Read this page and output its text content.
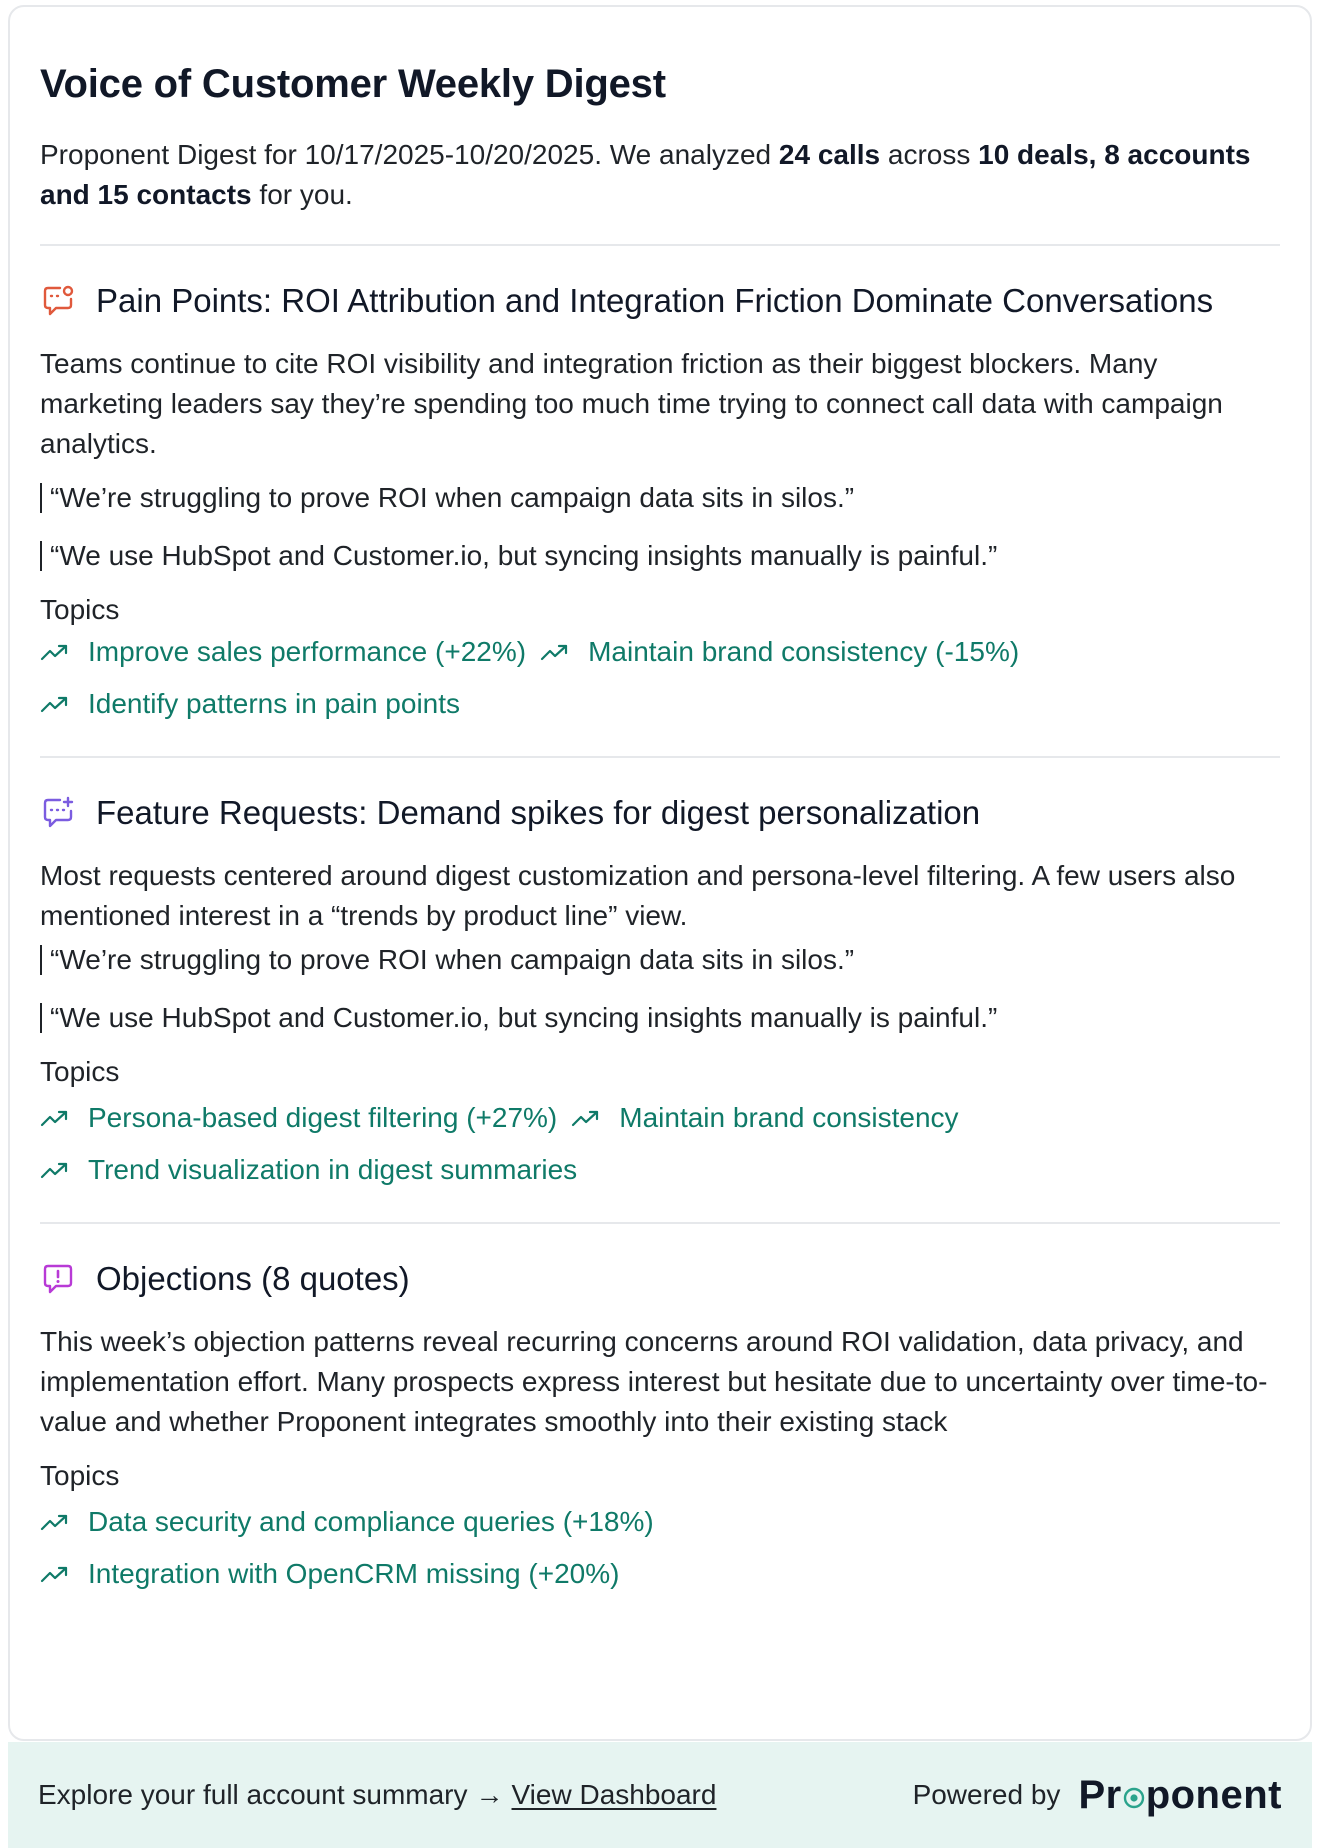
Voice of Customer Weekly Digest

Proponent Digest for 10/17/2025-10/20/2025. We analyzed 24 calls across 10 deals, 8 accounts and 15 contacts for you.

Pain Points: ROI Attribution and Integration Friction Dominate Conversations

Teams continue to cite ROI visibility and integration friction as their biggest blockers. Many marketing leaders say they’re spending too much time trying to connect call data with campaign analytics.

“We’re struggling to prove ROI when campaign data sits in silos.”

“We use HubSpot and Customer.io, but syncing insights manually is painful.”

Topics

Improve sales performance (+22%) Maintain brand consistency (-15%)
Identify patterns in pain points
Feature Requests: Demand spikes for digest personalization

Most requests centered around digest customization and persona-level filtering. A few users also mentioned interest in a “trends by product line” view.

“We’re struggling to prove ROI when campaign data sits in silos.”

“We use HubSpot and Customer.io, but syncing insights manually is painful.”

Topics

Persona-based digest filtering (+27%) Maintain brand consistency
Trend visualization in digest summaries
Objections (8 quotes)

This week’s objection patterns reveal recurring concerns around ROI validation, data privacy, and implementation effort. Many prospects express interest but hesitate due to uncertainty over time-to-value and whether Proponent integrates smoothly into their existing stack

Topics

Data security and compliance queries (+18%)
Integration with OpenCRM missing (+20%)
Explore your full account summary → View Dashboard	Powered by Pr ponent
